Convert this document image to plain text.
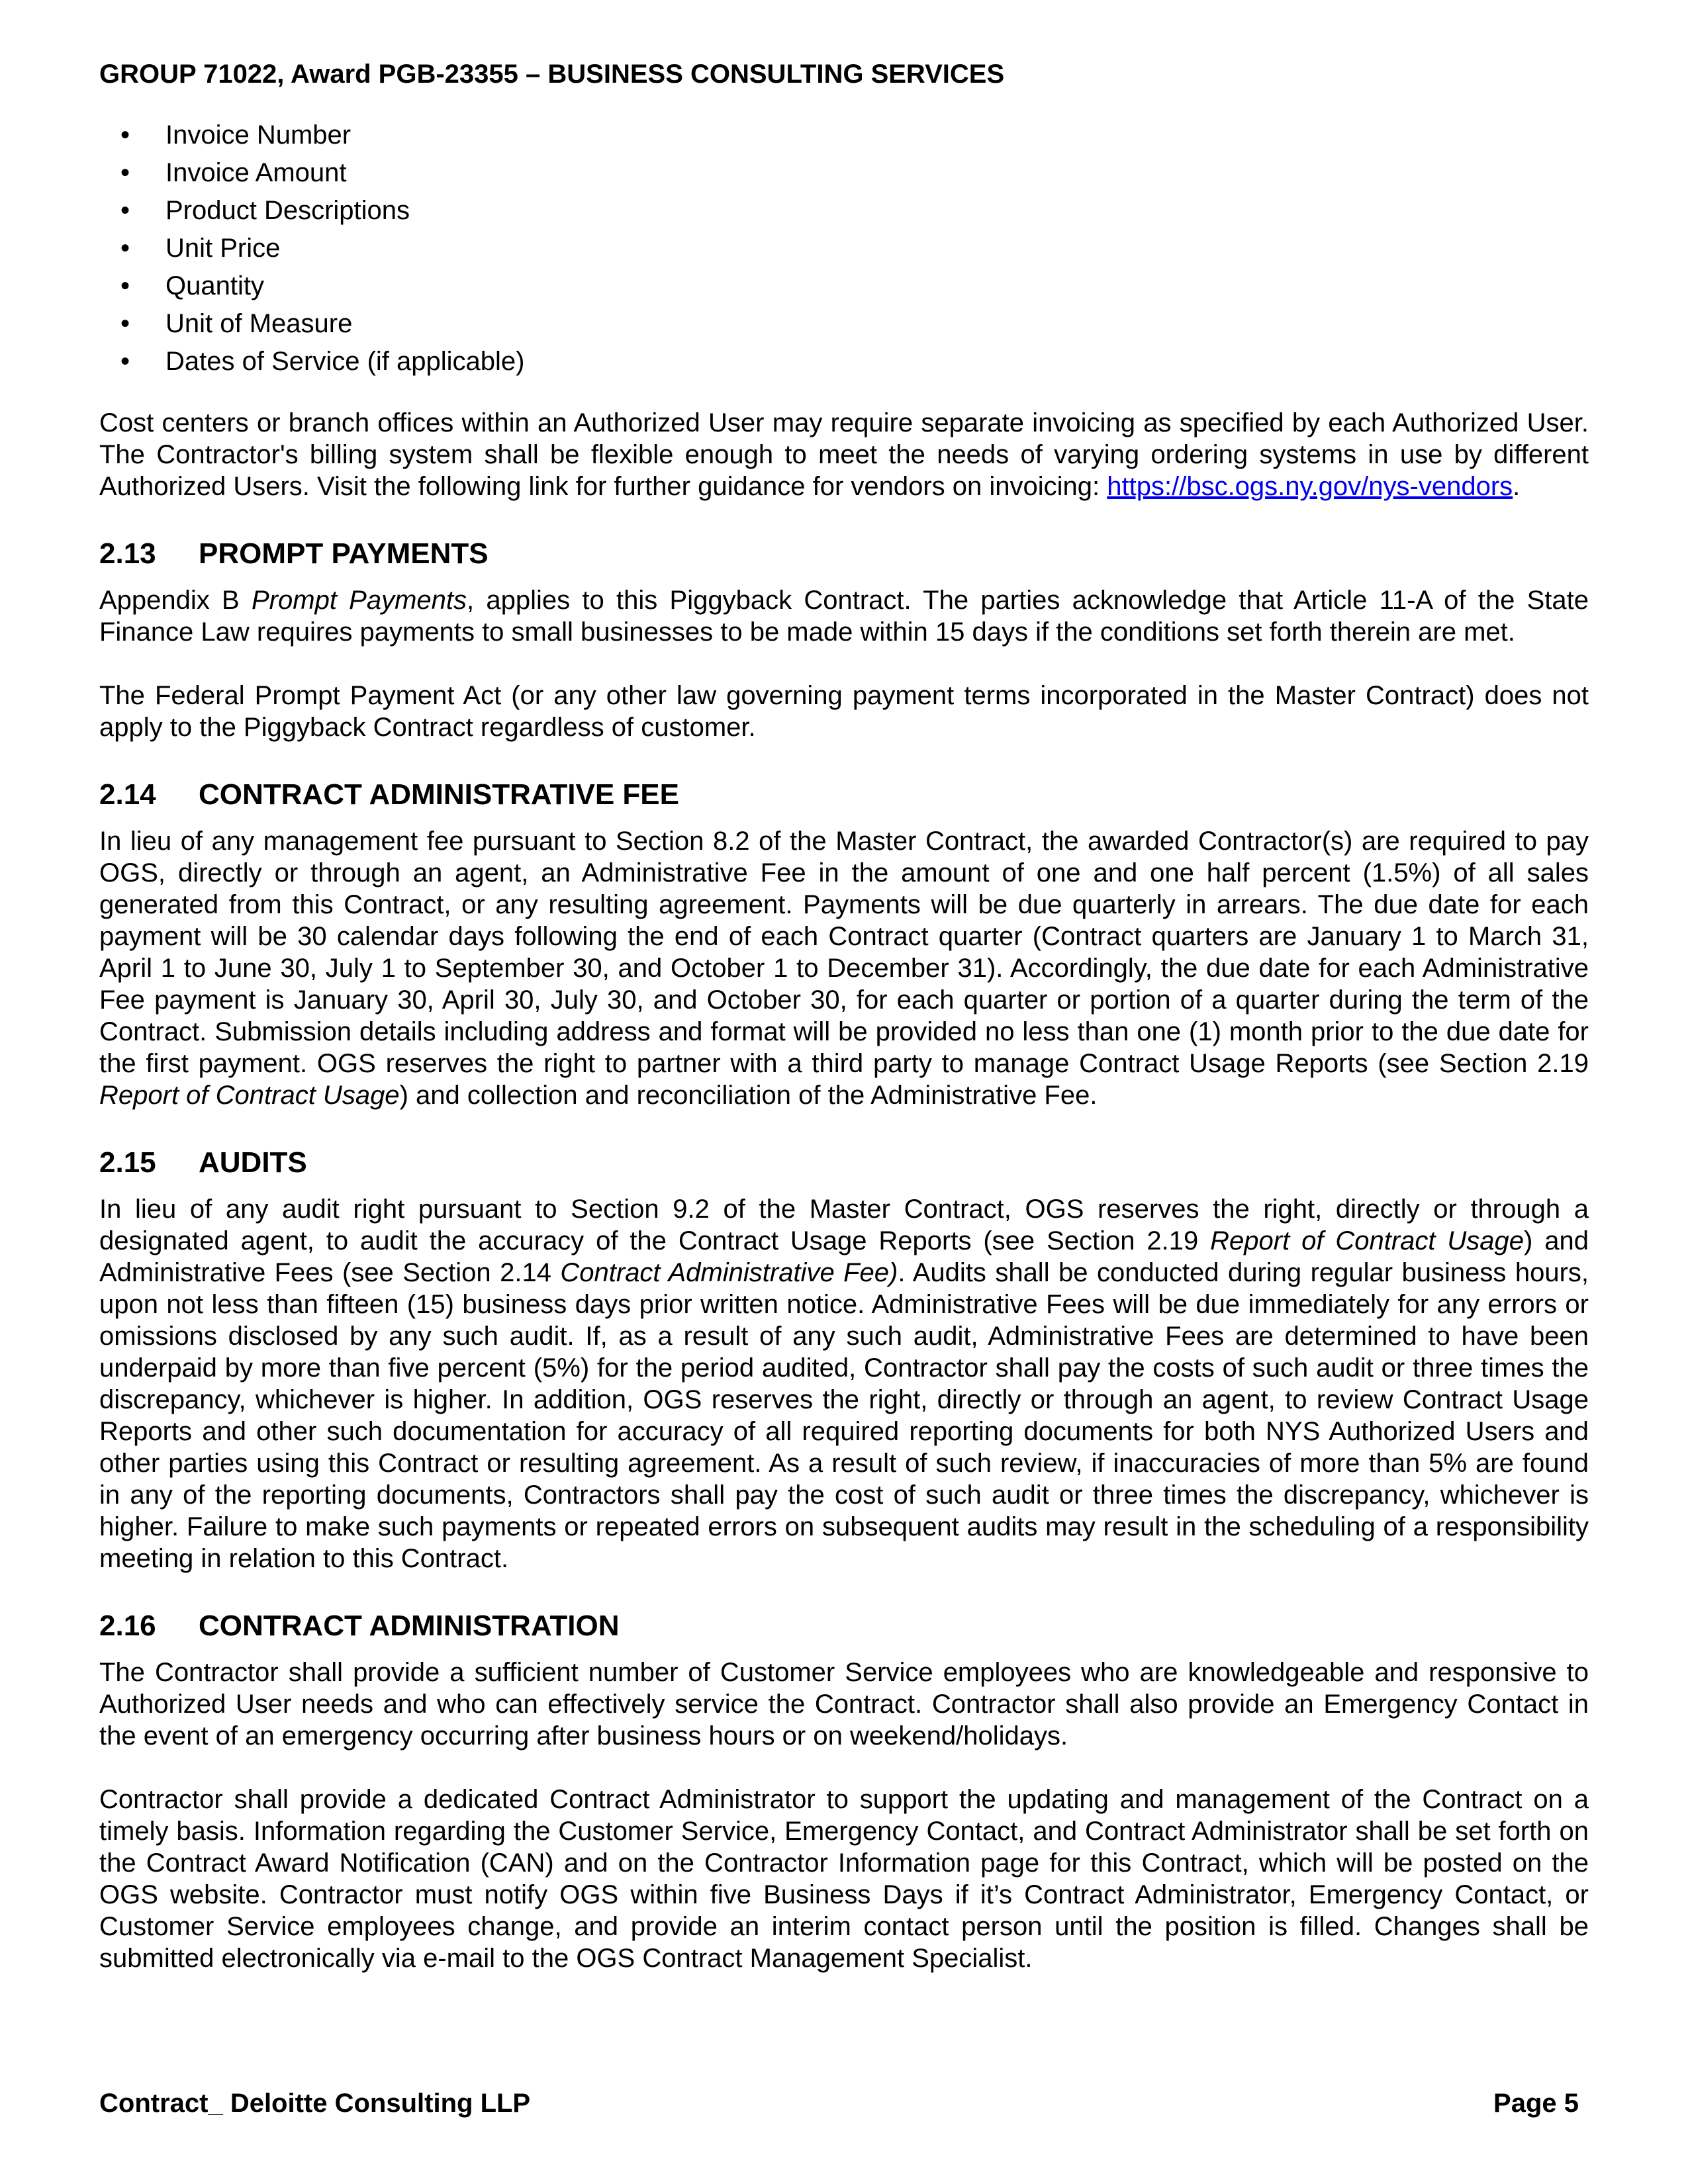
GROUP 71022, Award PGB-23355 – BUSINESS CONSULTING SERVICES
• Invoice Number
• Invoice Amount
• Product Descriptions
• Unit Price
• Quantity
• Unit of Measure
• Dates of Service (if applicable)

Cost centers or branch offices within an Authorized User may require separate invoicing as specified by each Authorized User. The Contractor's billing system shall be flexible enough to meet the needs of varying ordering systems in use by different Authorized Users. Visit the following link for further guidance for vendors on invoicing: https://bsc.ogs.ny.gov/nys-vendors.

2.13 PROMPT PAYMENTS

Appendix B Prompt Payments, applies to this Piggyback Contract. The parties acknowledge that Article 11-A of the State Finance Law requires payments to small businesses to be made within 15 days if the conditions set forth therein are met.

The Federal Prompt Payment Act (or any other law governing payment terms incorporated in the Master Contract) does not apply to the Piggyback Contract regardless of customer.

2.14 CONTRACT ADMINISTRATIVE FEE

In lieu of any management fee pursuant to Section 8.2 of the Master Contract, the awarded Contractor(s) are required to pay OGS, directly or through an agent, an Administrative Fee in the amount of one and one half percent (1.5%) of all sales generated from this Contract, or any resulting agreement. Payments will be due quarterly in arrears. The due date for each payment will be 30 calendar days following the end of each Contract quarter (Contract quarters are January 1 to March 31, April 1 to June 30, July 1 to September 30, and October 1 to December 31). Accordingly, the due date for each Administrative Fee payment is January 30, April 30, July 30, and October 30, for each quarter or portion of a quarter during the term of the Contract. Submission details including address and format will be provided no less than one (1) month prior to the due date for the first payment. OGS reserves the right to partner with a third party to manage Contract Usage Reports (see Section 2.19 Report of Contract Usage) and collection and reconciliation of the Administrative Fee.

2.15 AUDITS

In lieu of any audit right pursuant to Section 9.2 of the Master Contract, OGS reserves the right, directly or through a designated agent, to audit the accuracy of the Contract Usage Reports (see Section 2.19 Report of Contract Usage) and Administrative Fees (see Section 2.14 Contract Administrative Fee). Audits shall be conducted during regular business hours, upon not less than fifteen (15) business days prior written notice. Administrative Fees will be due immediately for any errors or omissions disclosed by any such audit. If, as a result of any such audit, Administrative Fees are determined to have been underpaid by more than five percent (5%) for the period audited, Contractor shall pay the costs of such audit or three times the discrepancy, whichever is higher. In addition, OGS reserves the right, directly or through an agent, to review Contract Usage Reports and other such documentation for accuracy of all required reporting documents for both NYS Authorized Users and other parties using this Contract or resulting agreement. As a result of such review, if inaccuracies of more than 5% are found in any of the reporting documents, Contractors shall pay the cost of such audit or three times the discrepancy, whichever is higher. Failure to make such payments or repeated errors on subsequent audits may result in the scheduling of a responsibility meeting in relation to this Contract.

2.16 CONTRACT ADMINISTRATION

The Contractor shall provide a sufficient number of Customer Service employees who are knowledgeable and responsive to Authorized User needs and who can effectively service the Contract. Contractor shall also provide an Emergency Contact in the event of an emergency occurring after business hours or on weekend/holidays.

Contractor shall provide a dedicated Contract Administrator to support the updating and management of the Contract on a timely basis. Information regarding the Customer Service, Emergency Contact, and Contract Administrator shall be set forth on the Contract Award Notification (CAN) and on the Contractor Information page for this Contract, which will be posted on the OGS website. Contractor must notify OGS within five Business Days if it’s Contract Administrator, Emergency Contact, or Customer Service employees change, and provide an interim contact person until the position is filled. Changes shall be submitted electronically via e-mail to the OGS Contract Management Specialist.

Contract_ Deloitte Consulting LLP	Page 5
